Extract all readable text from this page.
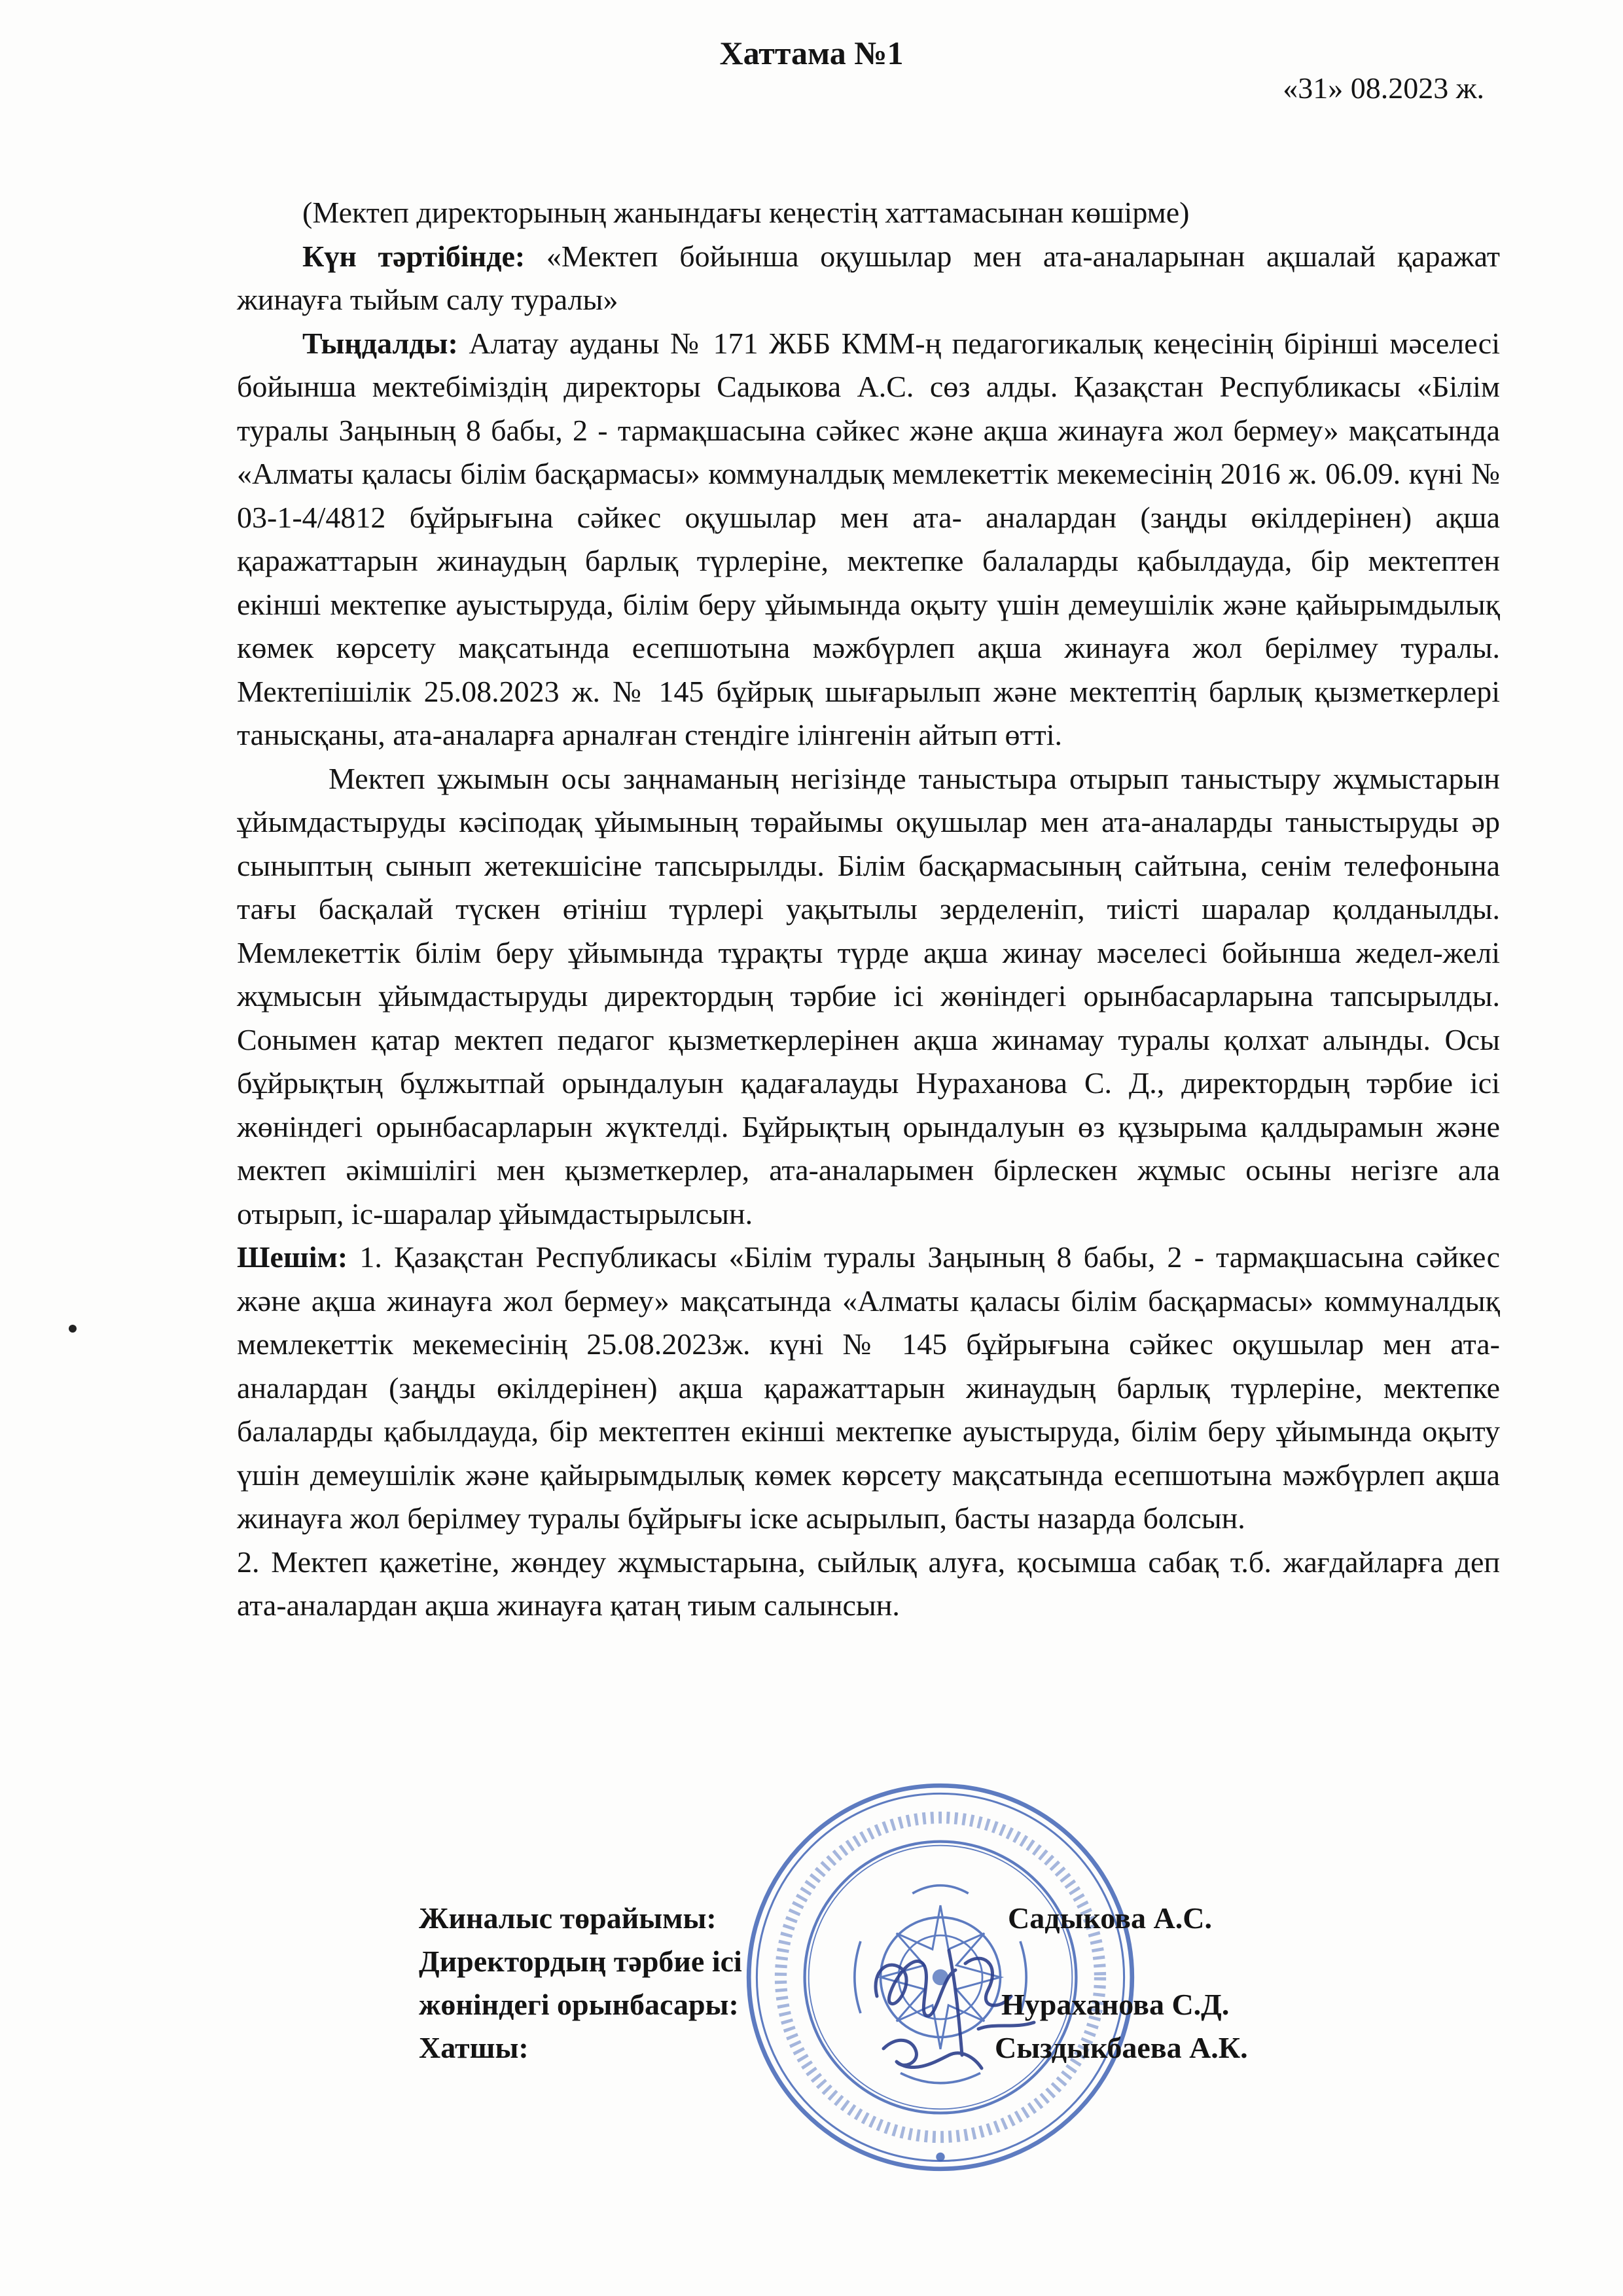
Хаттама №1
«31» 08.2023 ж.

(Мектеп директорының жанындағы кеңестің хаттамасынан көшірме)

Күн тәртібінде: «Мектеп бойынша оқушылар мен ата-аналарынан ақшалай қаражат жинауға тыйым салу туралы»

Тыңдалды: Алатау ауданы № 171 ЖББ КММ-ң педагогикалық кеңесінің бірінші мәселесі бойынша мектебіміздің директоры Садыкова А.С. сөз алды. Қазақстан Республикасы «Білім туралы Заңының 8 бабы, 2 - тармақшасына сәйкес және ақша жинауға жол бермеу» мақсатында «Алматы қаласы білім басқармасы» коммуналдық мемлекеттік мекемесінің 2016 ж. 06.09. күні № 03-1-4/4812 бұйрығына сәйкес оқушылар мен ата- аналардан (заңды өкілдерінен) ақша қаражаттарын жинаудың барлық түрлеріне, мектепке балаларды қабылдауда, бір мектептен екінші мектепке ауыстыруда, білім беру ұйымында оқыту үшін демеушілік және қайырымдылық көмек көрсету мақсатында есепшотына мәжбүрлеп ақша жинауға жол берілмеу туралы. Мектепішілік 25.08.2023 ж. № 145 бұйрық шығарылып және мектептің барлық қызметкерлері танысқаны, ата-аналарға арналған стендіге ілінгенін айтып өтті.

Мектеп ұжымын осы заңнаманың негізінде таныстыра отырып таныстыру жұмыстарын ұйымдастыруды кәсіподақ ұйымының төрайымы оқушылар мен ата-аналарды таныстыруды әр сыныптың сынып жетекшісіне тапсырылды. Білім басқармасының сайтына, сенім телефонына тағы басқалай түскен өтініш түрлері уақытылы зерделеніп, тиісті шаралар қолданылды. Мемлекеттік білім беру ұйымында тұрақты түрде ақша жинау мәселесі бойынша жедел-желі жұмысын ұйымдастыруды директордың тәрбие ісі жөніндегі орынбасарларына тапсырылды. Сонымен қатар мектеп педагог қызметкерлерінен ақша жинамау туралы қолхат алынды. Осы бұйрықтың бұлжытпай орындалуын қадағалауды Нураханова С. Д., директордың тәрбие ісі жөніндегі орынбасарларын жүктелді. Бұйрықтың орындалуын өз құзырыма қалдырамын және мектеп әкімшілігі мен қызметкерлер, ата-аналарымен бірлескен жұмыс осыны негізге ала отырып, іс-шаралар ұйымдастырылсын.

Шешім: 1. Қазақстан Республикасы «Білім туралы Заңының 8 бабы, 2 - тармақшасына сәйкес және ақша жинауға жол бермеу» мақсатында «Алматы қаласы білім басқармасы» коммуналдық мемлекеттік мекемесінің 25.08.2023ж. күні № 145 бұйрығына сәйкес оқушылар мен ата- аналардан (заңды өкілдерінен) ақша қаражаттарын жинаудың барлық түрлеріне, мектепке балаларды қабылдауда, бір мектептен екінші мектепке ауыстыруда, білім беру ұйымында оқыту үшін демеушілік және қайырымдылық көмек көрсету мақсатында есепшотына мәжбүрлеп ақша жинауға жол берілмеу туралы бұйрығы іске асырылып, басты назарда болсын.

2. Мектеп қажетіне, жөндеу жұмыстарына, сыйлық алуға, қосымша сабақ т.б. жағдайларға деп ата-аналардан ақша жинауға қатаң тиым салынсын.

Жиналыс төрайымы:	Садыкова А.С.
Директордың тәрбие ісі
жөніндегі орынбасары:	Нураханова С.Д.
Хатшы:	Сыздыкбаева А.К.
